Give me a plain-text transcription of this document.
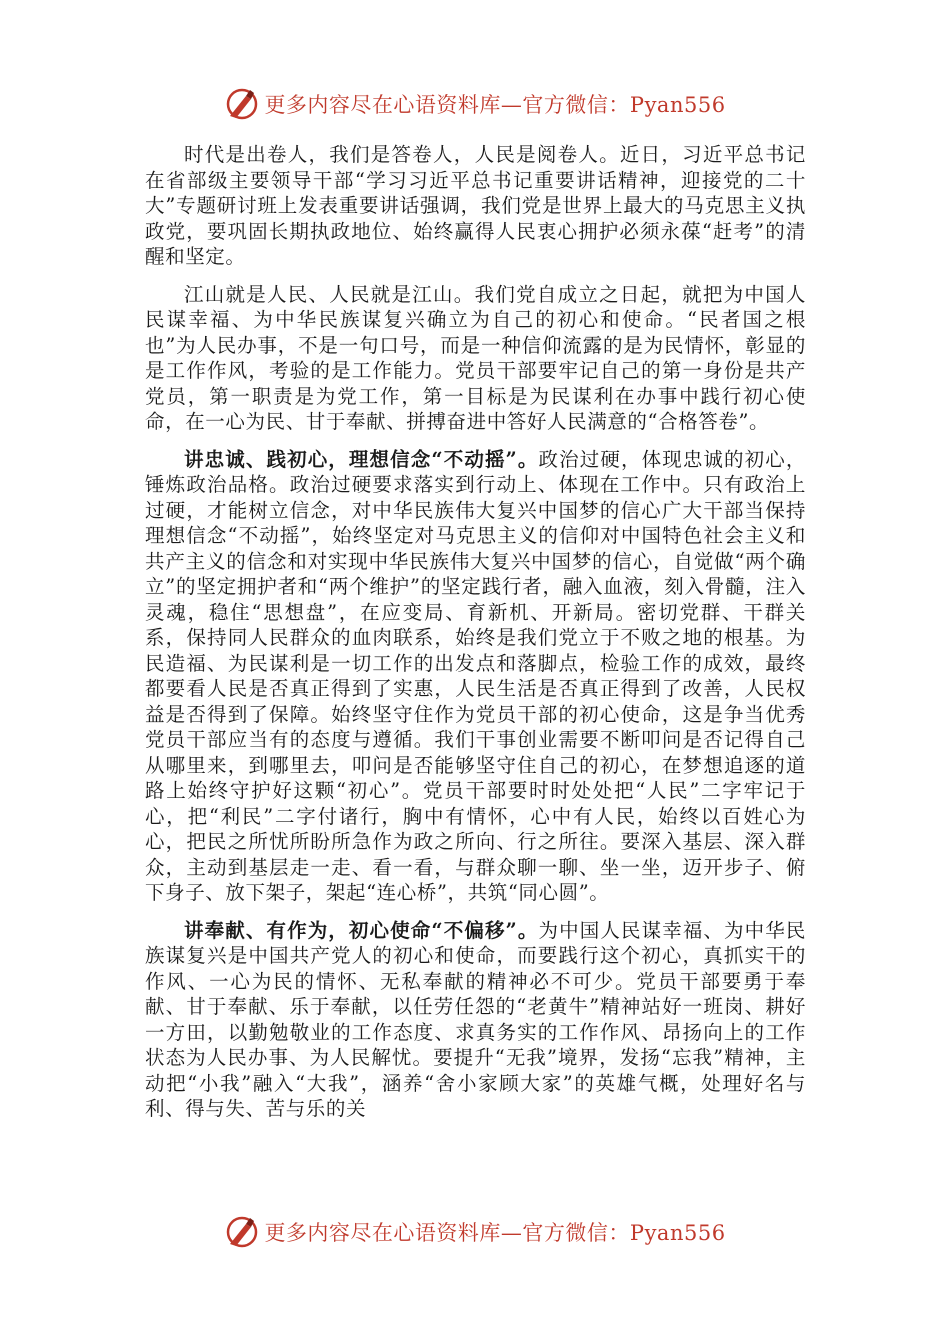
更多内容尽在心语资料库—官方微信：Pyan556

时代是出卷人，我们是答卷人，人民是阅卷人。近日，习近平总书记在省部级主要领导干部“学习习近平总书记重要讲话精神，迎接党的二十大”专题研讨班上发表重要讲话强调，我们党是世界上最大的马克思主义执政党，要巩固长期执政地位、始终赢得人民衷心拥护必须永葆“赶考”的清醒和坚定。

江山就是人民、人民就是江山。我们党自成立之日起，就把为中国人民谋幸福、为中华民族谋复兴确立为自己的初心和使命。“民者国之根也”为人民办事，不是一句口号，而是一种信仰流露的是为民情怀，彰显的是工作作风，考验的是工作能力。党员干部要牢记自己的第一身份是共产党员，第一职责是为党工作，第一目标是为民谋利在办事中践行初心使命，在一心为民、甘于奉献、拼搏奋进中答好人民满意的“合格答卷”。

讲忠诚、践初心，理想信念“不动摇”。政治过硬，体现忠诚的初心，锤炼政治品格。政治过硬要求落实到行动上、体现在工作中。只有政治上过硬，才能树立信念，对中华民族伟大复兴中国梦的信心广大干部当保持理想信念“不动摇”，始终坚定对马克思主义的信仰对中国特色社会主义和共产主义的信念和对实现中华民族伟大复兴中国梦的信心，自觉做“两个确立”的坚定拥护者和“两个维护”的坚定践行者，融入血液，刻入骨髓，注入灵魂，稳住“思想盘”，在应变局、育新机、开新局。密切党群、干群关系，保持同人民群众的血肉联系，始终是我们党立于不败之地的根基。为民造福、为民谋利是一切工作的出发点和落脚点，检验工作的成效，最终都要看人民是否真正得到了实惠，人民生活是否真正得到了改善，人民权益是否得到了保障。始终坚守住作为党员干部的初心使命，这是争当优秀党员干部应当有的态度与遵循。我们干事创业需要不断叩问是否记得自己从哪里来，到哪里去，叩问是否能够坚守住自己的初心，在梦想追逐的道路上始终守护好这颗“初心”。党员干部要时时处处把“人民”二字牢记于心，把“利民”二字付诸行，胸中有情怀，心中有人民，始终以百姓心为心，把民之所忧所盼所急作为政之所向、行之所往。要深入基层、深入群众，主动到基层走一走、看一看，与群众聊一聊、坐一坐，迈开步子、俯下身子、放下架子，架起“连心桥”，共筑“同心圆”。

讲奉献、有作为，初心使命“不偏移”。为中国人民谋幸福、为中华民族谋复兴是中国共产党人的初心和使命，而要践行这个初心，真抓实干的作风、一心为民的情怀、无私奉献的精神必不可少。党员干部要勇于奉献、甘于奉献、乐于奉献，以任劳任怨的“老黄牛”精神站好一班岗、耕好一方田，以勤勉敬业的工作态度、求真务实的工作作风、昂扬向上的工作状态为人民办事、为人民解忧。要提升“无我”境界，发扬“忘我”精神，主动把“小我”融入“大我”，涵养“舍小家顾大家”的英雄气概，处理好名与利、得与失、苦与乐的关

更多内容尽在心语资料库—官方微信：Pyan556
